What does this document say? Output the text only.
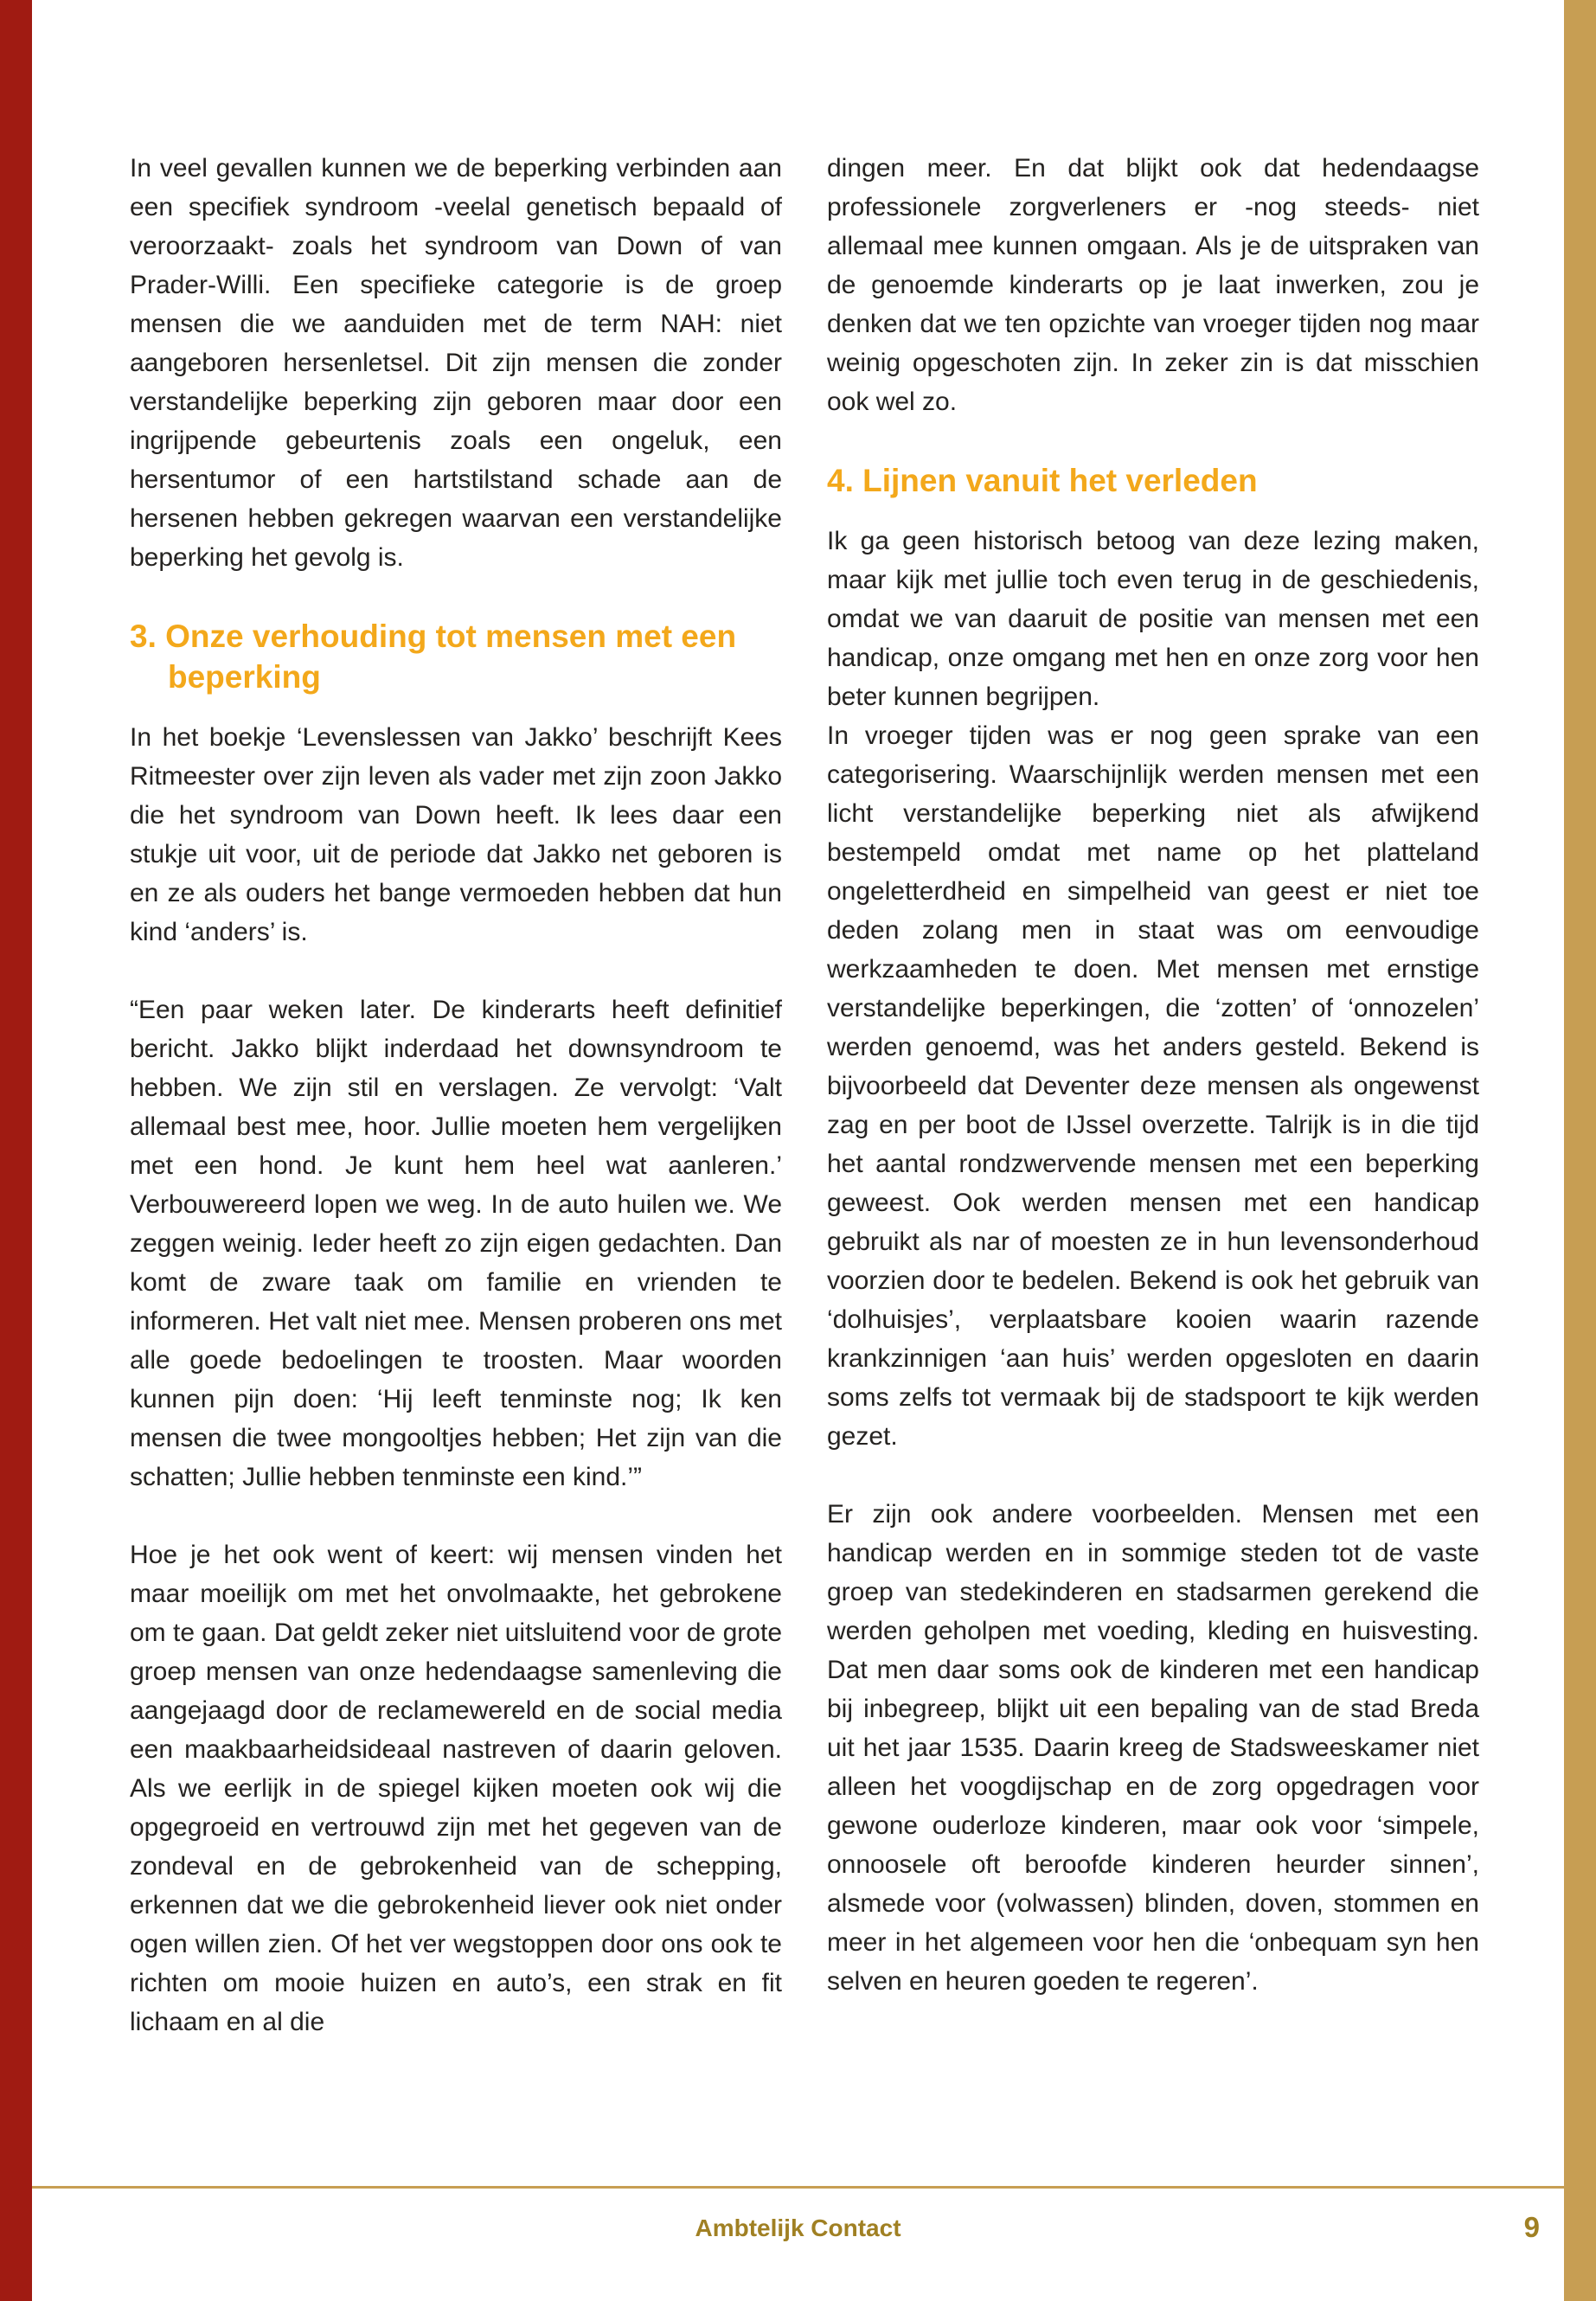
In veel gevallen kunnen we de beperking verbinden aan een specifiek syndroom -veelal genetisch bepaald of veroorzaakt- zoals het syndroom van Down of van Prader-Willi. Een specifieke categorie is de groep mensen die we aanduiden met de term NAH: niet aangeboren hersenletsel. Dit zijn mensen die zonder verstandelijke beperking zijn geboren maar door een ingrijpende gebeurtenis zoals een ongeluk, een hersentumor of een hartstilstand schade aan de hersenen hebben gekregen waarvan een verstandelijke beperking het gevolg is.

3. Onze verhouding tot mensen met een beperking

In het boekje ‘Levenslessen van Jakko’ beschrijft Kees Ritmeester over zijn leven als vader met zijn zoon Jakko die het syndroom van Down heeft. Ik lees daar een stukje uit voor, uit de periode dat Jakko net geboren is en ze als ouders het bange vermoeden hebben dat hun kind ‘anders’ is.

“Een paar weken later. De kinderarts heeft definitief bericht. Jakko blijkt inderdaad het downsyndroom te hebben. We zijn stil en verslagen. Ze vervolgt: ‘Valt allemaal best mee, hoor. Jullie moeten hem vergelijken met een hond. Je kunt hem heel wat aanleren.’ Verbouwereerd lopen we weg. In de auto huilen we. We zeggen weinig. Ieder heeft zo zijn eigen gedachten. Dan komt de zware taak om familie en vrienden te informeren. Het valt niet mee. Mensen proberen ons met alle goede bedoelingen te troosten. Maar woorden kunnen pijn doen: ‘Hij leeft tenminste nog; Ik ken mensen die twee mongooltjes hebben; Het zijn van die schatten; Jullie hebben tenminste een kind.’”

Hoe je het ook went of keert: wij mensen vinden het maar moeilijk om met het onvolmaakte, het gebrokene om te gaan. Dat geldt zeker niet uitsluitend voor de grote groep mensen van onze hedendaagse samenleving die aangejaagd door de reclamewereld en de social media een maakbaarheidsideaal nastreven of daarin geloven. Als we eerlijk in de spiegel kijken moeten ook wij die opgegroeid en vertrouwd zijn met het gegeven van de zondeval en de gebrokenheid van de schepping, erkennen dat we die gebrokenheid liever ook niet onder ogen willen zien. Of het ver wegstoppen door ons ook te richten om mooie huizen en auto’s, een strak en fit lichaam en al die

dingen meer. En dat blijkt ook dat hedendaagse professionele zorgverleners er -nog steeds- niet allemaal mee kunnen omgaan. Als je de uitspraken van de genoemde kinderarts op je laat inwerken, zou je denken dat we ten opzichte van vroeger tijden nog maar weinig opgeschoten zijn. In zeker zin is dat misschien ook wel zo.

4. Lijnen vanuit het verleden

Ik ga geen historisch betoog van deze lezing maken, maar kijk met jullie toch even terug in de geschiedenis, omdat we van daaruit de positie van mensen met een handicap, onze omgang met hen en onze zorg voor hen beter kunnen begrijpen.

In vroeger tijden was er nog geen sprake van een categorisering. Waarschijnlijk werden mensen met een licht verstandelijke beperking niet als afwijkend bestempeld omdat met name op het platteland ongeletterdheid en simpelheid van geest er niet toe deden zolang men in staat was om eenvoudige werkzaamheden te doen. Met mensen met ernstige verstandelijke beperkingen, die ‘zotten’ of ‘onnozelen’ werden genoemd, was het anders gesteld. Bekend is bijvoorbeeld dat Deventer deze mensen als ongewenst zag en per boot de IJssel overzette. Talrijk is in die tijd het aantal rondzwervende mensen met een beperking geweest. Ook werden mensen met een handicap gebruikt als nar of moesten ze in hun levensonderhoud voorzien door te bedelen. Bekend is ook het gebruik van ‘dolhuisjes’, verplaatsbare kooien waarin razende krankzinnigen ‘aan huis’ werden opgesloten en daarin soms zelfs tot vermaak bij de stadspoort te kijk werden gezet.

Er zijn ook andere voorbeelden. Mensen met een handicap werden en in sommige steden tot de vaste groep van stedekinderen en stadsarmen gerekend die werden geholpen met voeding, kleding en huisvesting. Dat men daar soms ook de kinderen met een handicap bij inbegreep, blijkt uit een bepaling van de stad Breda uit het jaar 1535. Daarin kreeg de Stadsweeskamer niet alleen het voogdijschap en de zorg opgedragen voor gewone ouderloze kinderen, maar ook voor ‘simpele, onnoosele oft beroofde kinderen heurder sinnen’, alsmede voor (volwassen) blinden, doven, stommen en meer in het algemeen voor hen die ‘onbequam syn hen selven en heuren goeden te regeren’.

Ambtelijk Contact	9
